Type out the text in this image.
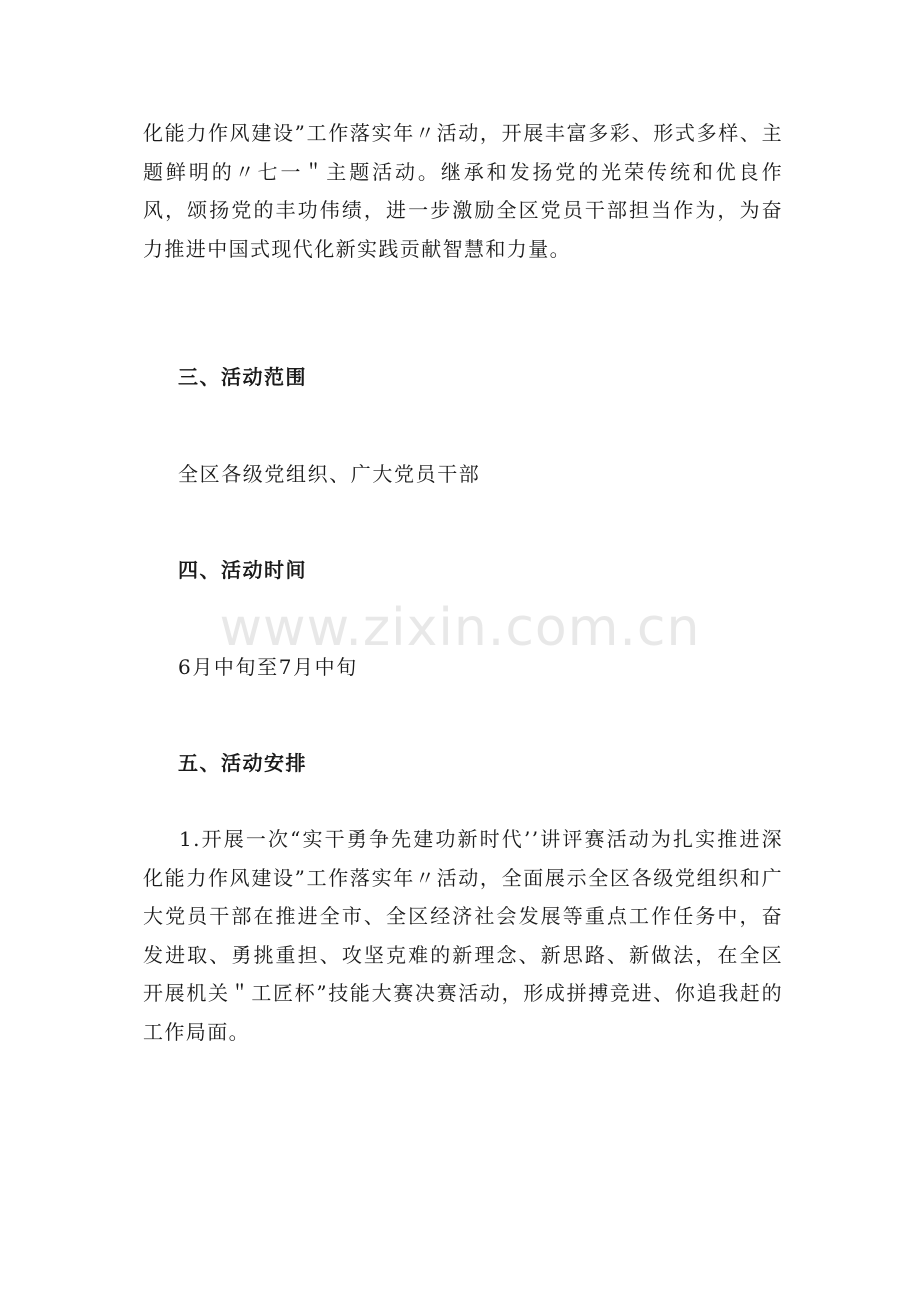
化能力作风建设”工作落实年〃活动，开展丰富多彩、形式多样、主题鲜明的〃七一＂主题活动。继承和发扬党的光荣传统和优良作风，颂扬党的丰功伟绩，进一步激励全区党员干部担当作为，为奋力推进中国式现代化新实践贡献智慧和力量。

三、活动范围

全区各级党组织、广大党员干部

四、活动时间

6月中旬至7月中旬

五、活动安排

1.开展一次“实干勇争先建功新时代’’讲评赛活动为扎实推进深化能力作风建设”工作落实年〃活动，全面展示全区各级党组织和广大党员干部在推进全市、全区经济社会发展等重点工作任务中，奋发进取、勇挑重担、攻坚克难的新理念、新思路、新做法，在全区开展机关＂工匠杯”技能大赛决赛活动，形成拼搏竞进、你追我赶的工作局面。

www.zixin.com.cn
